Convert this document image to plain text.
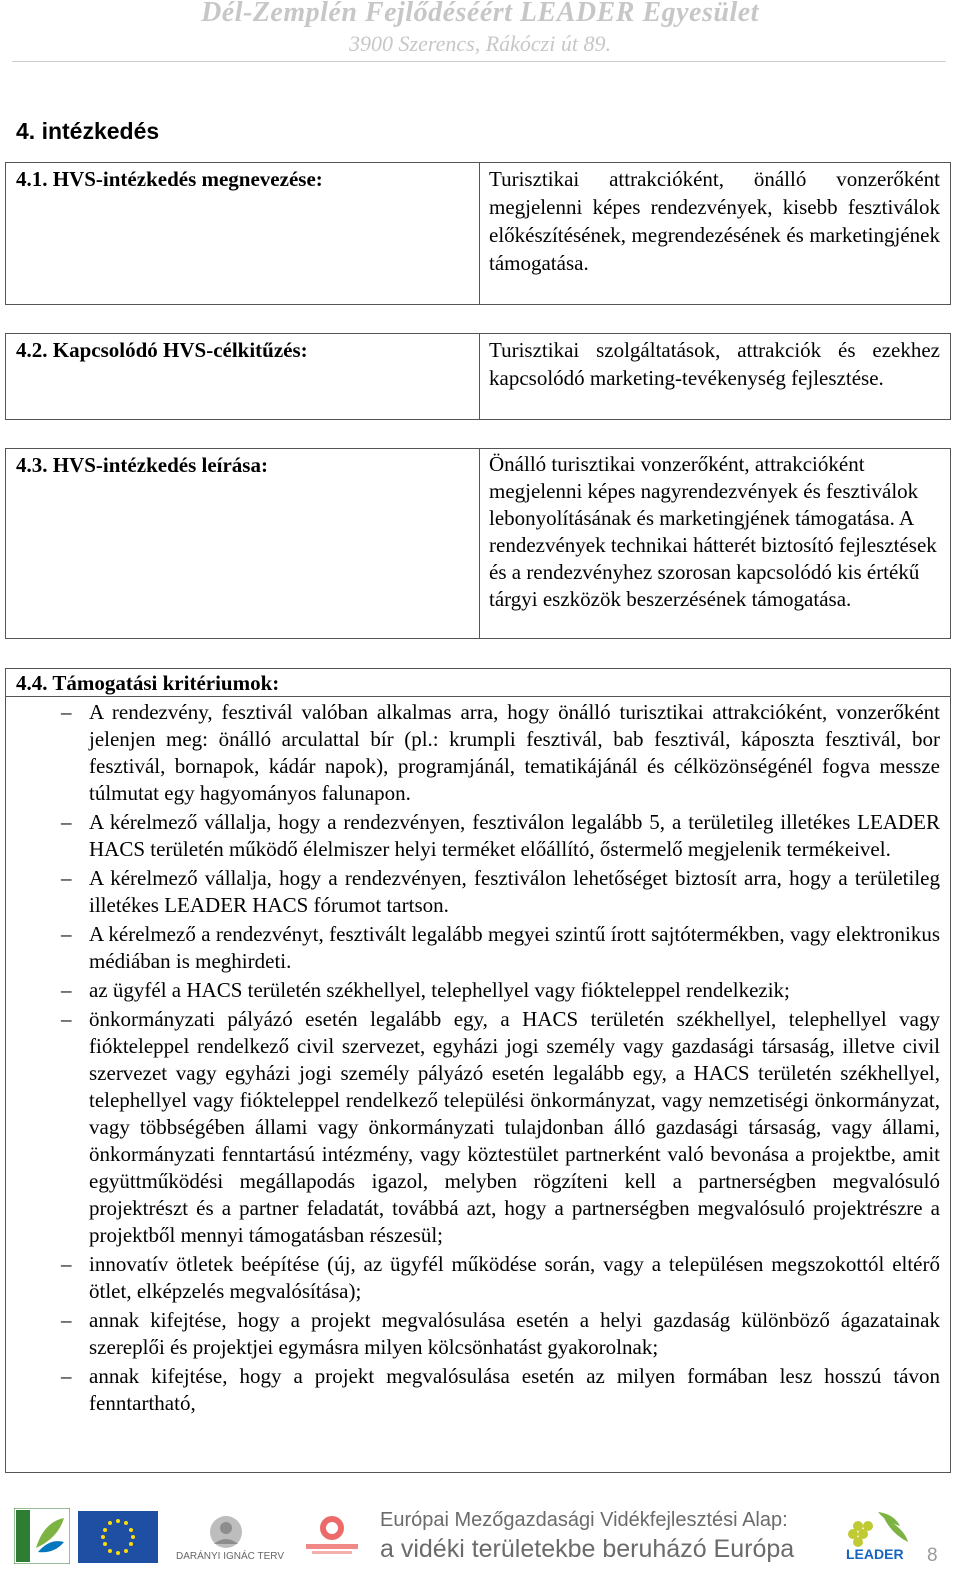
Dél-Zemplén Fejlődéséért LEADER Egyesület
3900 Szerencs, Rákóczi út 89.
4. intézkedés
4.1. HVS-intézkedés megnevezése:	Turisztikai attrakcióként, önálló vonzerőként megjelenni képes rendezvények, kisebb fesztiválok előkészítésének, megrendezésének és marketingjének támogatása.
4.2. Kapcsolódó HVS-célkitűzés:	Turisztikai szolgáltatások, attrakciók és ezekhez kapcsolódó marketing-tevékenység fejlesztése.
4.3. HVS-intézkedés leírása:	Önálló turisztikai vonzerőként, attrakcióként megjelenni képes nagyrendezvények és fesztiválok lebonyolításának és marketingjének támogatása. A rendezvények technikai hátterét biztosító fejlesztések és a rendezvényhez szorosan kapcsolódó kis értékű tárgyi eszközök beszerzésének támogatása.
4.4. Támogatási kritériumok:
– A rendezvény, fesztivál valóban alkalmas arra, hogy önálló turisztikai attrakcióként, vonzerőként jelenjen meg: önálló arculattal bír (pl.: krumpli fesztivál, bab fesztivál, káposzta fesztivál, bor fesztivál, bornapok, kádár napok), programjánál, tematikájánál és célközönségénél fogva messze túlmutat egy hagyományos falunapon.
– A kérelmező vállalja, hogy a rendezvényen, fesztiválon legalább 5, a területileg illetékes LEADER HACS területén működő élelmiszer helyi terméket előállító, őstermelő megjelenik termékeivel.
– A kérelmező vállalja, hogy a rendezvényen, fesztiválon lehetőséget biztosít arra, hogy a területileg illetékes LEADER HACS fórumot tartson.
– A kérelmező a rendezvényt, fesztivált legalább megyei szintű írott sajtótermékben, vagy elektronikus médiában is meghirdeti.
– az ügyfél a HACS területén székhellyel, telephellyel vagy fióktelеppel rendelkezik;
– önkormányzati pályázó esetén legalább egy, a HACS területén székhellyel, telephellyel vagy fiókteleppel rendelkező civil szervezet, egyházi jogi személy vagy gazdasági társaság, illetve civil szervezet vagy egyházi jogi személy pályázó esetén legalább egy, a HACS területén székhellyel, telephellyel vagy fiókteleppel rendelkező települési önkormányzat, vagy nemzetiségi önkormányzat, vagy többségében állami vagy önkormányzati tulajdonban álló gazdasági társaság, vagy állami, önkormányzati fenntartású intézmény, vagy köztestület partnerként való bevonása a projektbe, amit együttműködési megállapodás igazol, melyben rögzíteni kell a partnerségben megvalósuló projektrészt és a partner feladatát, továbbá azt, hogy a partnerségben megvalósuló projektrészre a projektből mennyi támogatásban részesül;
– innovatív ötletek beépítése (új, az ügyfél működése során, vagy a településen megszokottól eltérő ötlet, elképzelés megvalósítása);
– annak kifejtése, hogy a projekt megvalósulása esetén a helyi gazdaság különböző ágazatainak szereplői és projektjei egymásra milyen kölcsönhatást gyakorolnak;
– annak kifejtése, hogy a projekt megvalósulása esetén az milyen formában lesz hosszú távon fenntartható,
DARÁNYI IGNÁC TERV
Európai Mezőgazdasági Vidékfejlesztési Alap:
a vidéki területekbe beruházó Európa	LEADER 8
